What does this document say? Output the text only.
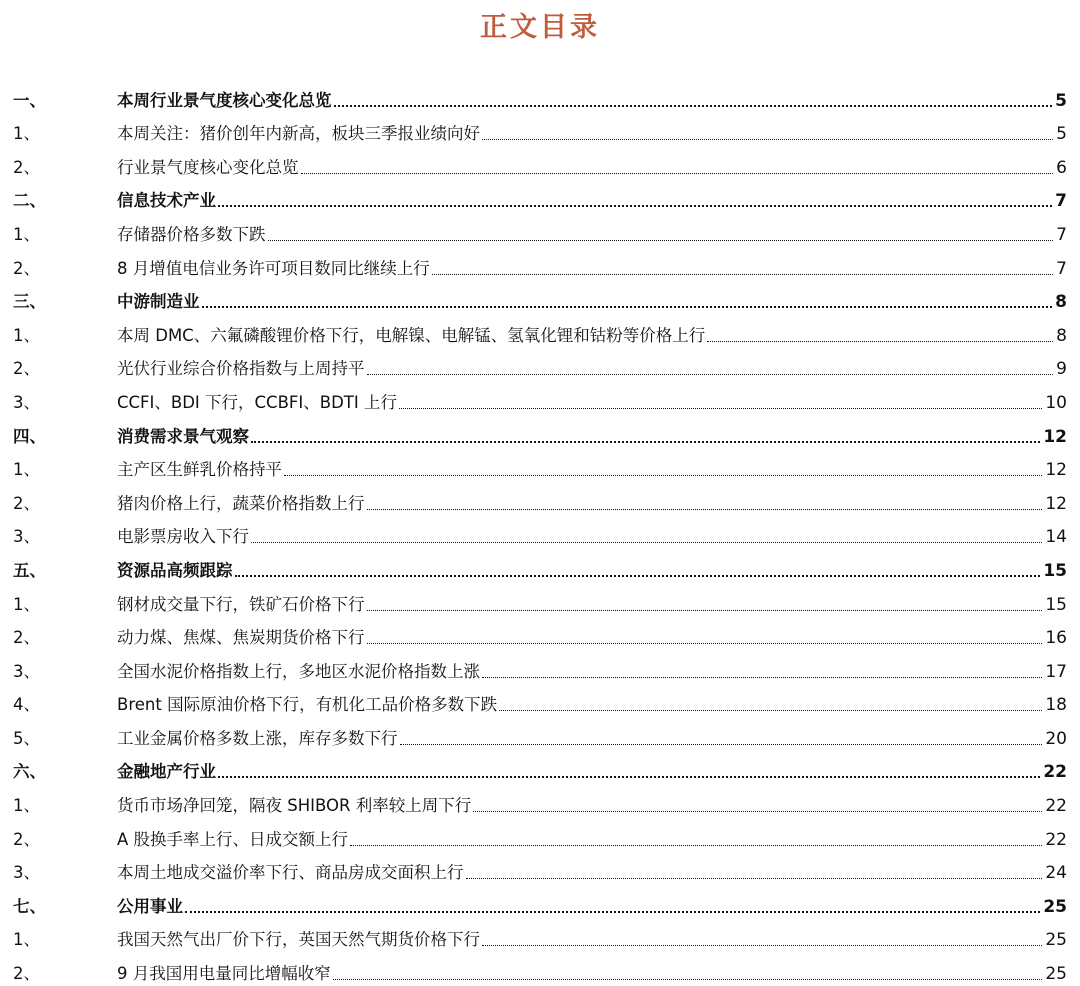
正文目录
一、	本周行业景气度核心变化总览	5
1、	本周关注：猪价创年内新高，板块三季报业绩向好	5
2、	行业景气度核心变化总览	6
二、	信息技术产业	7
1、	存储器价格多数下跌	7
2、	8 月增值电信业务许可项目数同比继续上行	7
三、	中游制造业	8
1、	本周 DMC、六氟磷酸锂价格下行，电解镍、电解锰、氢氧化锂和钴粉等价格上行	8
2、	光伏行业综合价格指数与上周持平	9
3、	CCFI、BDI 下行，CCBFI、BDTI 上行	10
四、	消费需求景气观察	12
1、	主产区生鲜乳价格持平	12
2、	猪肉价格上行，蔬菜价格指数上行	12
3、	电影票房收入下行	14
五、	资源品高频跟踪	15
1、	钢材成交量下行，铁矿石价格下行	15
2、	动力煤、焦煤、焦炭期货价格下行	16
3、	全国水泥价格指数上行，多地区水泥价格指数上涨	17
4、	Brent 国际原油价格下行，有机化工品价格多数下跌	18
5、	工业金属价格多数上涨，库存多数下行	20
六、	金融地产行业	22
1、	货币市场净回笼，隔夜 SHIBOR 利率较上周下行	22
2、	A 股换手率上行、日成交额上行	22
3、	本周土地成交溢价率下行、商品房成交面积上行	24
七、	公用事业	25
1、	我国天然气出厂价下行，英国天然气期货价格下行	25
2、	9 月我国用电量同比增幅收窄	25
